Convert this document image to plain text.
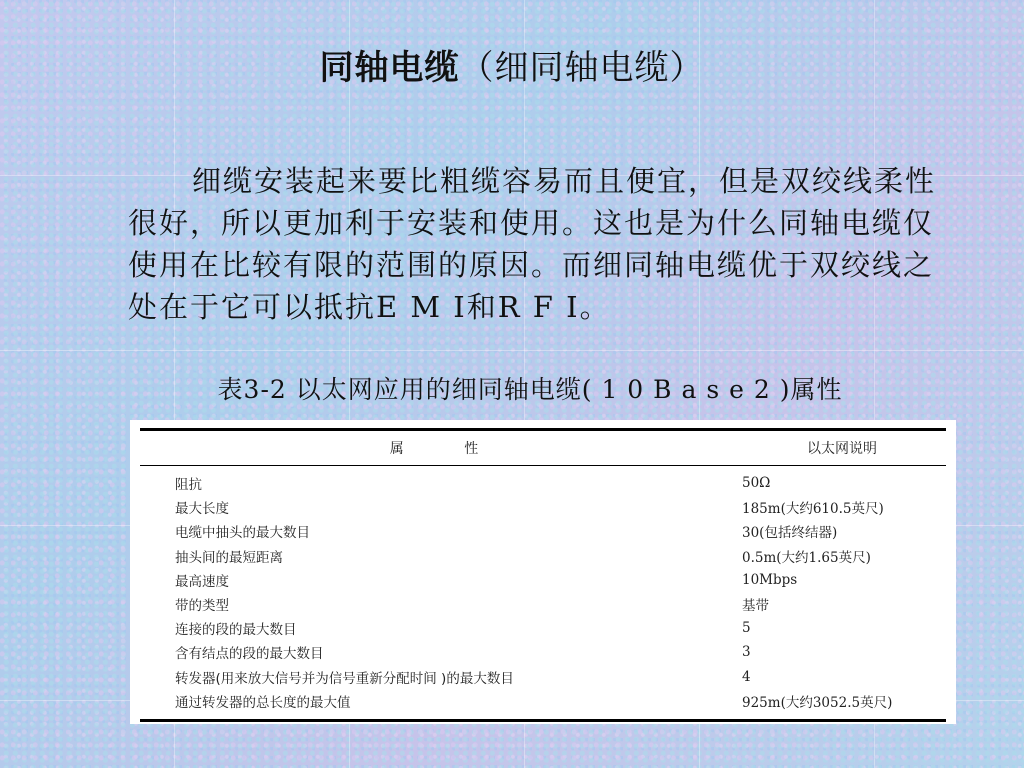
同轴电缆（细同轴电缆）
细缆安装起来要比粗缆容易而且便宜，但是双绞线柔性很好，所以更加利于安装和使用。这也是为什么同轴电缆仅使用在比较有限的范围的原因。而细同轴电缆优于双绞线之处在于它可以抵抗E M I和R F I。
表3-2 以太网应用的细同轴电缆( 1 0 B a s e 2 )属性
属 性	以太网说明
阻抗	50Ω
最大长度	185m(大约610.5英尺)
电缆中抽头的最大数目	30(包括终结器)
抽头间的最短距离	0.5m(大约1.65英尺)
最高速度	10Mbps
带的类型	基带
连接的段的最大数目	5
含有结点的段的最大数目	3
转发器(用来放大信号并为信号重新分配时间 )的最大数目	4
通过转发器的总长度的最大值	925m(大约3052.5英尺)
